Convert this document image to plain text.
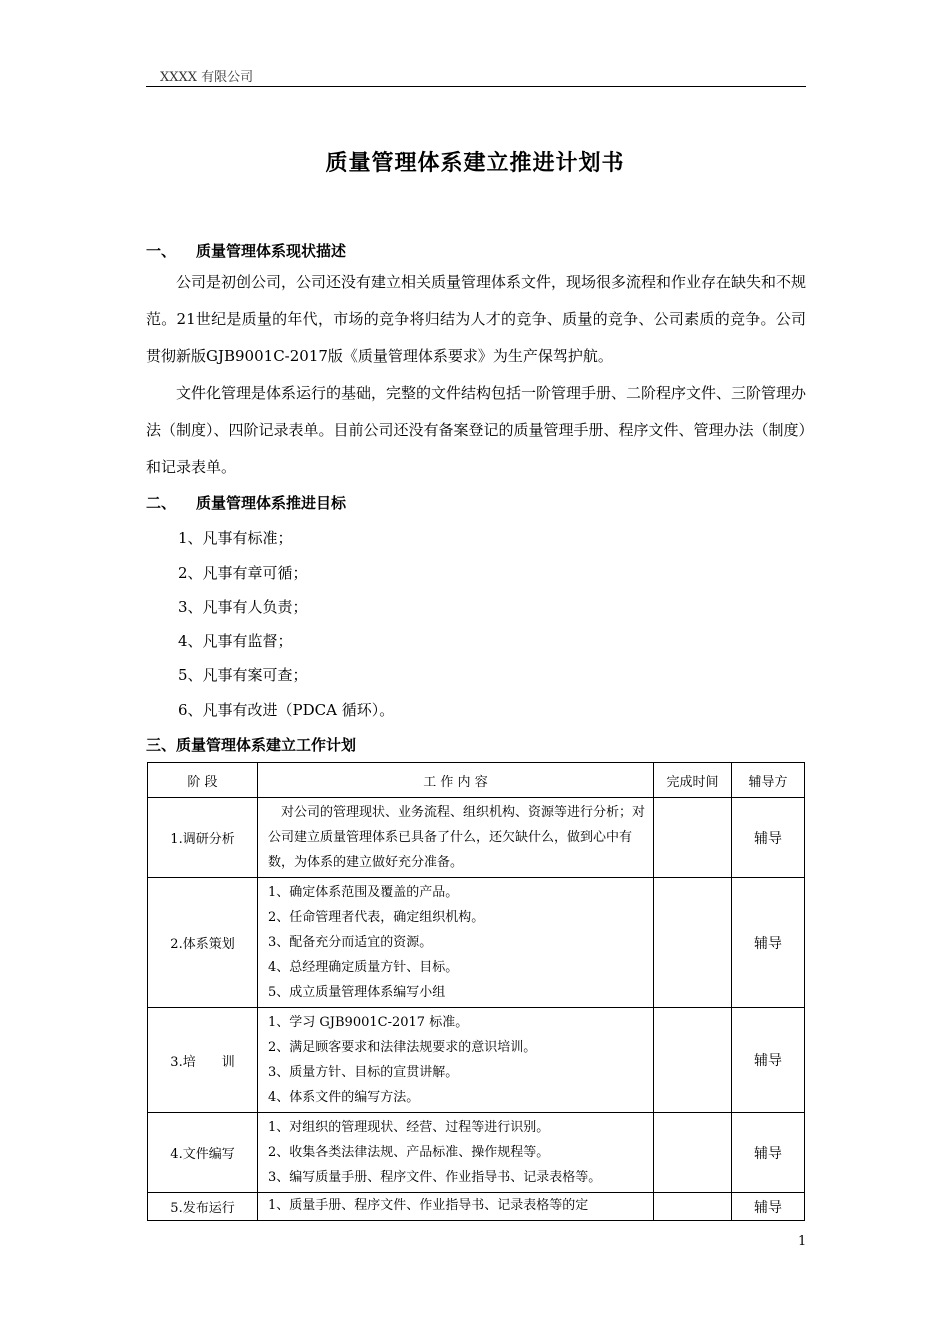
XXXX 有限公司
质量管理体系建立推进计划书
一、 质量管理体系现状描述
公司是初创公司，公司还没有建立相关质量管理体系文件，现场很多流程和作业存在缺失和不规范。21世纪是质量的年代，市场的竞争将归结为人才的竞争、质量的竞争、公司素质的竞争。公司贯彻新版GJB9001C-2017版《质量管理体系要求》为生产保驾护航。
文件化管理是体系运行的基础，完整的文件结构包括一阶管理手册、二阶程序文件、三阶管理办法（制度）、四阶记录表单。目前公司还没有备案登记的质量管理手册、程序文件、管理办法（制度）和记录表单。
二、 质量管理体系推进目标
1、凡事有标准；
2、凡事有章可循；
3、凡事有人负责；
4、凡事有监督；
5、凡事有案可查；
6、凡事有改进（PDCA 循环）。
三、质量管理体系建立工作计划
阶 段	工 作 内 容	完成时间	辅导方
1.调研分析	对公司的管理现状、业务流程、组织机构、资源等进行分析；对公司建立质量管理体系已具备了什么，还欠缺什么，做到心中有数，为体系的建立做好充分准备。		辅导
2.体系策划	1、确定体系范围及覆盖的产品。
2、任命管理者代表，确定组织机构。
3、配备充分而适宜的资源。
4、总经理确定质量方针、目标。
5、成立质量管理体系编写小组		辅导
3.培　　训	1、学习 GJB9001C-2017 标准。
2、满足顾客要求和法律法规要求的意识培训。
3、质量方针、目标的宣贯讲解。
4、体系文件的编写方法。		辅导
4.文件编写	1、对组织的管理现状、经营、过程等进行识别。
2、收集各类法律法规、产品标准、操作规程等。
3、编写质量手册、程序文件、作业指导书、记录表格等。		辅导
5.发布运行	1、质量手册、程序文件、作业指导书、记录表格等的定		辅导
1
